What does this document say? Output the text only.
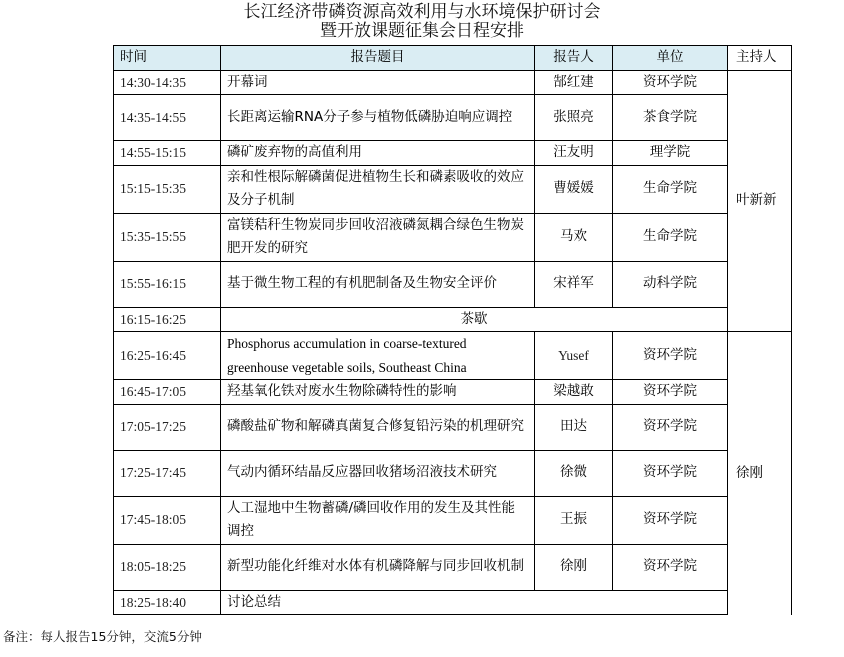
长江经济带磷资源高效利用与水环境保护研讨会
暨开放课题征集会日程安排
时间	报告题目	报告人	单位	主持人
14:30-14:35	开幕词	郜红建	资环学院	叶新新
14:35-14:55	长距离运输RNA分子参与植物低磷胁迫响应调控	张照亮	茶食学院	
14:55-15:15	磷矿废弃物的高值利用	汪友明	理学院	
15:15-15:35	亲和性根际解磷菌促进植物生长和磷素吸收的效应及分子机制	曹媛媛	生命学院	
15:35-15:55	富镁秸秆生物炭同步回收沼液磷氮耦合绿色生物炭肥开发的研究	马欢	生命学院	
15:55-16:15	基于微生物工程的有机肥制备及生物安全评价	宋祥军	动科学院	
16:15-16:25	茶歇			
16:25-16:45	Phosphorus accumulation in coarse-textured greenhouse vegetable soils, Southeast China	Yusef	资环学院	徐刚
16:45-17:05	羟基氧化铁对废水生物除磷特性的影响	梁越敢	资环学院	
17:05-17:25	磷酸盐矿物和解磷真菌复合修复铅污染的机理研究	田达	资环学院	
17:25-17:45	气动内循环结晶反应器回收猪场沼液技术研究	徐微	资环学院	
17:45-18:05	人工湿地中生物蓄磷/磷回收作用的发生及其性能调控	王振	资环学院	
18:05-18:25	新型功能化纤维对水体有机磷降解与同步回收机制	徐刚	资环学院	
18:25-18:40	讨论总结			
备注：每人报告15分钟，交流5分钟
